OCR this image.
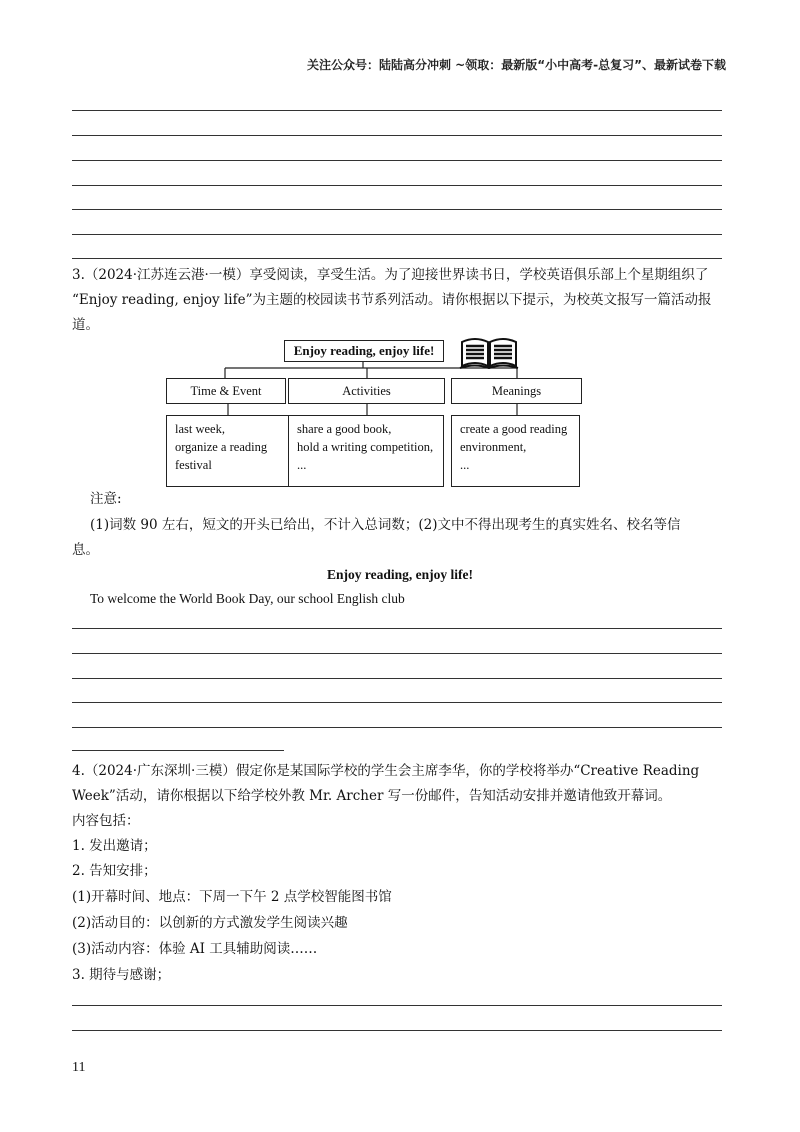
关注公众号：陆陆高分冲刺 ~领取：最新版“小中高考-总复习”、最新试卷下载
3.（2024·江苏连云港·一模）享受阅读，享受生活。为了迎接世界读书日，学校英语俱乐部上个星期组织了
“Enjoy reading, enjoy life”为主题的校园读书节系列活动。请你根据以下提示，为校英文报写一篇活动报
道。
Enjoy reading, enjoy life!
Time & Event	Activities	Meanings
last week,
organize a reading
festival
share a good book,
hold a writing competition,
...
create a good reading
environment,
...
注意:
(1)词数 90 左右，短文的开头已给出，不计入总词数；(2)文中不得出现考生的真实姓名、校名等信
息。
Enjoy reading, enjoy life!
To welcome the World Book Day, our school English club
4.（2024·广东深圳·三模）假定你是某国际学校的学生会主席李华，你的学校将举办“Creative Reading
Week”活动，请你根据以下给学校外教 Mr. Archer 写一份邮件，告知活动安排并邀请他致开幕词。
内容包括：
1. 发出邀请；
2. 告知安排；
(1)开幕时间、地点：下周一下午 2 点学校智能图书馆
(2)活动目的：以创新的方式激发学生阅读兴趣
(3)活动内容：体验 AI 工具辅助阅读……
3. 期待与感谢；
11
